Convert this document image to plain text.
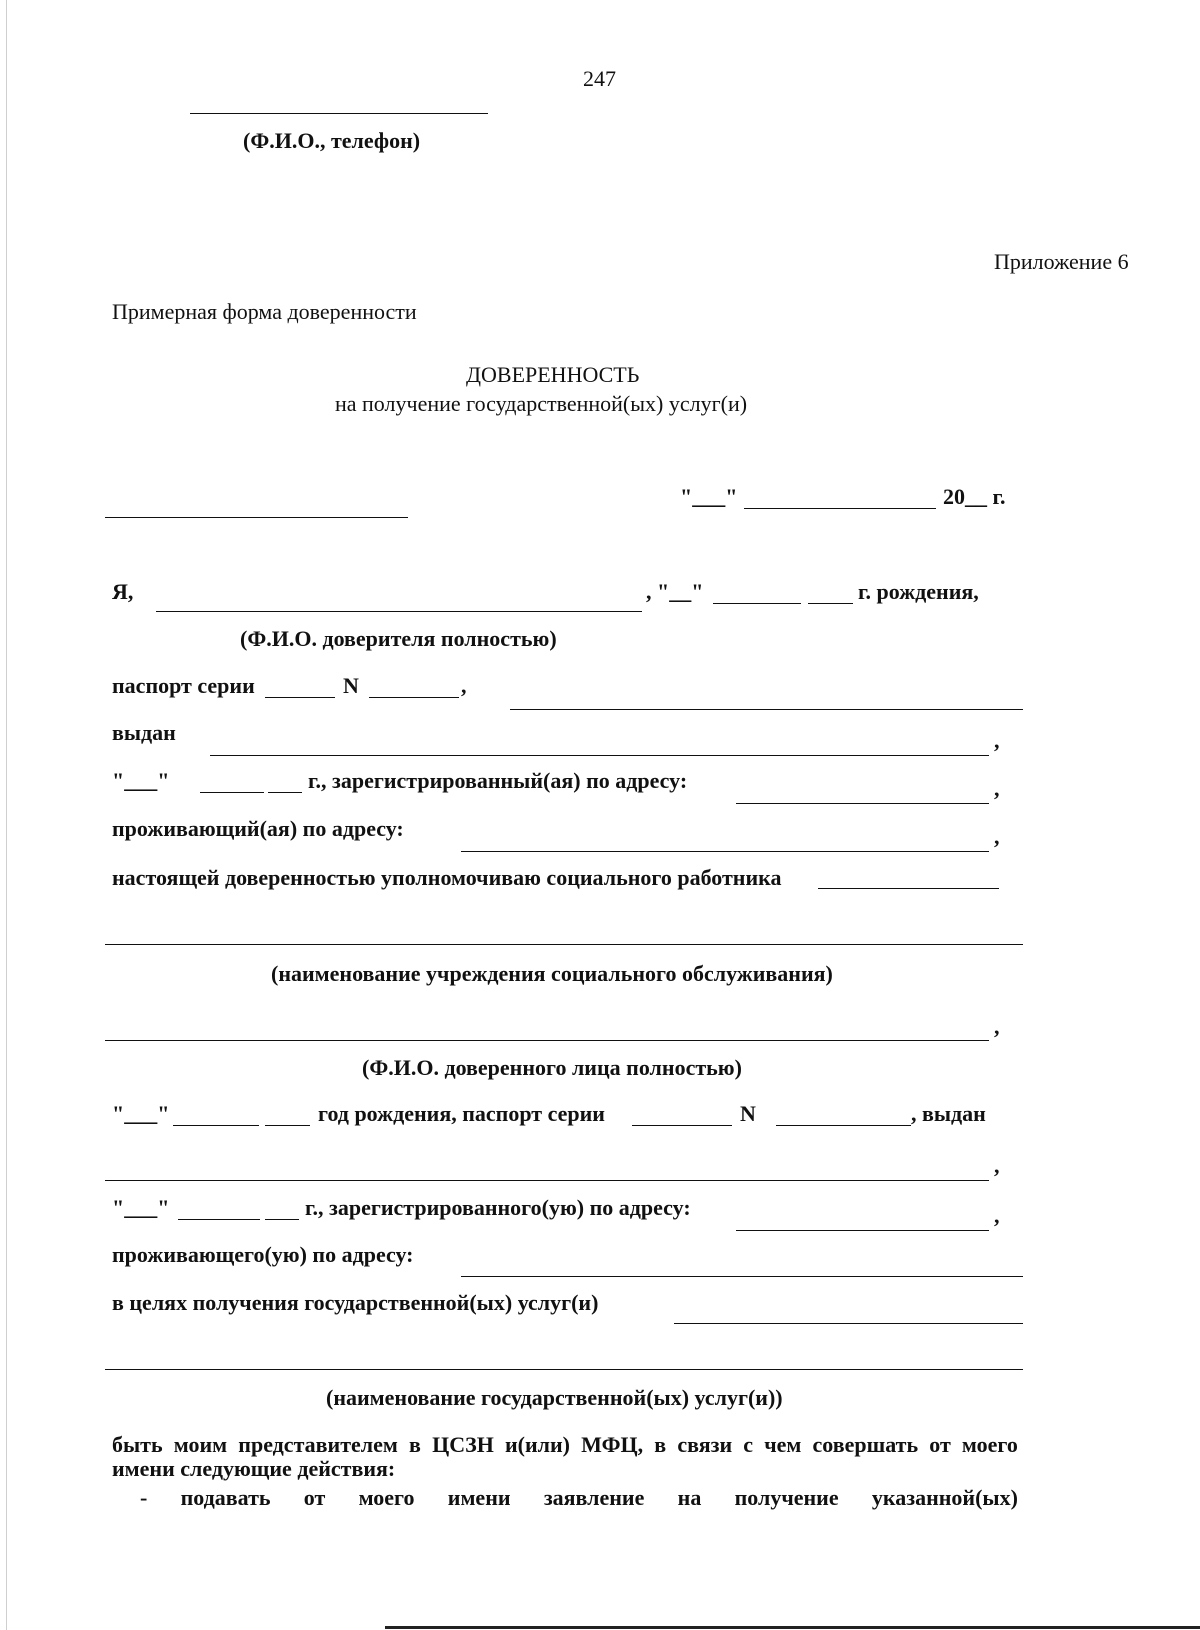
247
(Ф.И.О., телефон)
Приложение 6
Примерная форма доверенности
ДОВЕРЕННОСТЬ
на получение государственной(ых) услуг(и)
"___"	20__ г.
Я,	, "__"	г. рождения,
(Ф.И.О. доверителя полностью)
паспорт серии	N	,
выдан	,
"___"	г., зарегистрированный(ая) по адресу:	,
проживающий(ая) по адресу:	,
настоящей доверенностью уполномочиваю социального работника
(наименование учреждения социального обслуживания)
,
(Ф.И.О. доверенного лица полностью)
"___"	год рождения, паспорт серии	N	, выдан
,
"___"	г., зарегистрированного(ую) по адресу:	,
проживающего(ую) по адресу:
в целях получения государственной(ых) услуг(и)
(наименование государственной(ых) услуг(и))
быть моим представителем в ЦСЗН и(или) МФЦ, в связи с чем совершать от моего
имени следующие действия:
- подавать от моего имени заявление на получение указанной(ых)
